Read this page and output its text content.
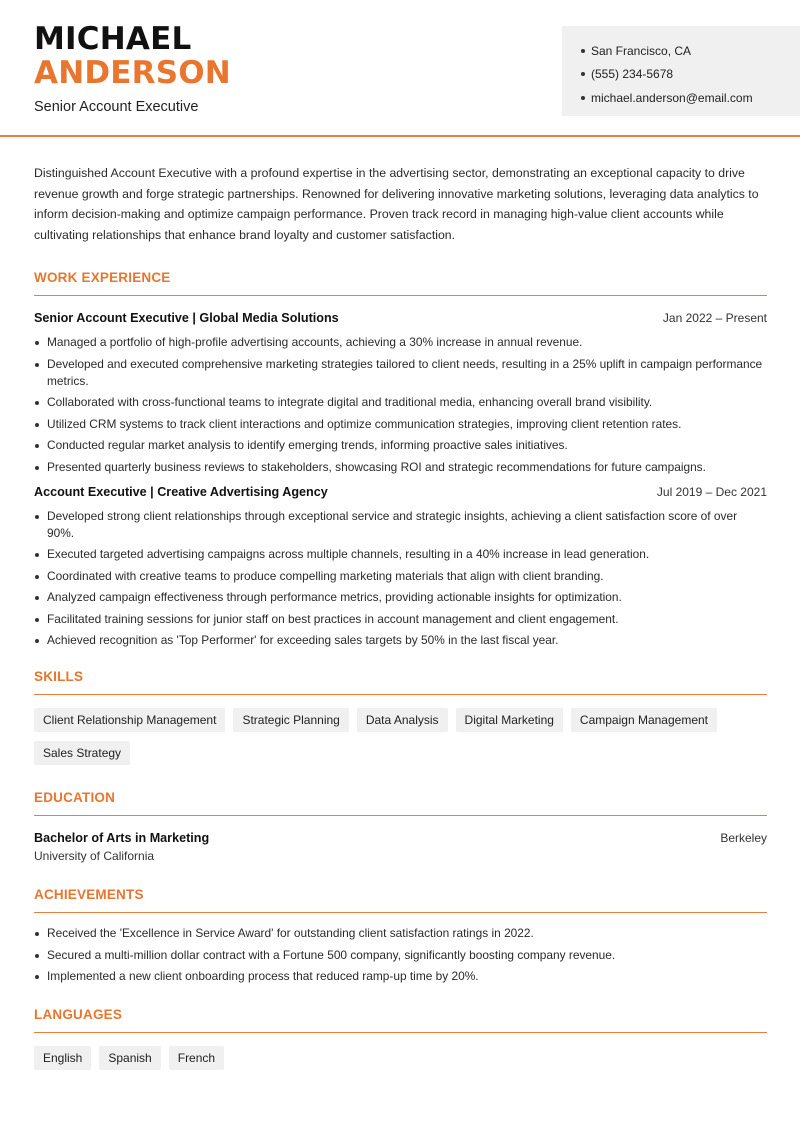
MICHAEL
ANDERSON
Senior Account Executive
San Francisco, CA
(555) 234-5678
michael.anderson@email.com

Distinguished Account Executive with a profound expertise in the advertising sector, demonstrating an exceptional capacity to drive revenue growth and forge strategic partnerships. Renowned for delivering innovative marketing solutions, leveraging data analytics to inform decision-making and optimize campaign performance. Proven track record in managing high-value client accounts while cultivating relationships that enhance brand loyalty and customer satisfaction.

WORK EXPERIENCE
Senior Account Executive | Global Media Solutions	Jan 2022 – Present
Managed a portfolio of high-profile advertising accounts, achieving a 30% increase in annual revenue.
Developed and executed comprehensive marketing strategies tailored to client needs, resulting in a 25% uplift in campaign performance metrics.
Collaborated with cross-functional teams to integrate digital and traditional media, enhancing overall brand visibility.
Utilized CRM systems to track client interactions and optimize communication strategies, improving client retention rates.
Conducted regular market analysis to identify emerging trends, informing proactive sales initiatives.
Presented quarterly business reviews to stakeholders, showcasing ROI and strategic recommendations for future campaigns.
Account Executive | Creative Advertising Agency	Jul 2019 – Dec 2021
Developed strong client relationships through exceptional service and strategic insights, achieving a client satisfaction score of over 90%.
Executed targeted advertising campaigns across multiple channels, resulting in a 40% increase in lead generation.
Coordinated with creative teams to produce compelling marketing materials that align with client branding.
Analyzed campaign effectiveness through performance metrics, providing actionable insights for optimization.
Facilitated training sessions for junior staff on best practices in account management and client engagement.
Achieved recognition as 'Top Performer' for exceeding sales targets by 50% in the last fiscal year.
SKILLS
Client Relationship Management	Strategic Planning	Data Analysis	Digital Marketing	Campaign Management
Sales Strategy
EDUCATION
Bachelor of Arts in Marketing	Berkeley
University of California
ACHIEVEMENTS
Received the 'Excellence in Service Award' for outstanding client satisfaction ratings in 2022.
Secured a multi-million dollar contract with a Fortune 500 company, significantly boosting company revenue.
Implemented a new client onboarding process that reduced ramp-up time by 20%.
LANGUAGES
English	Spanish	French
